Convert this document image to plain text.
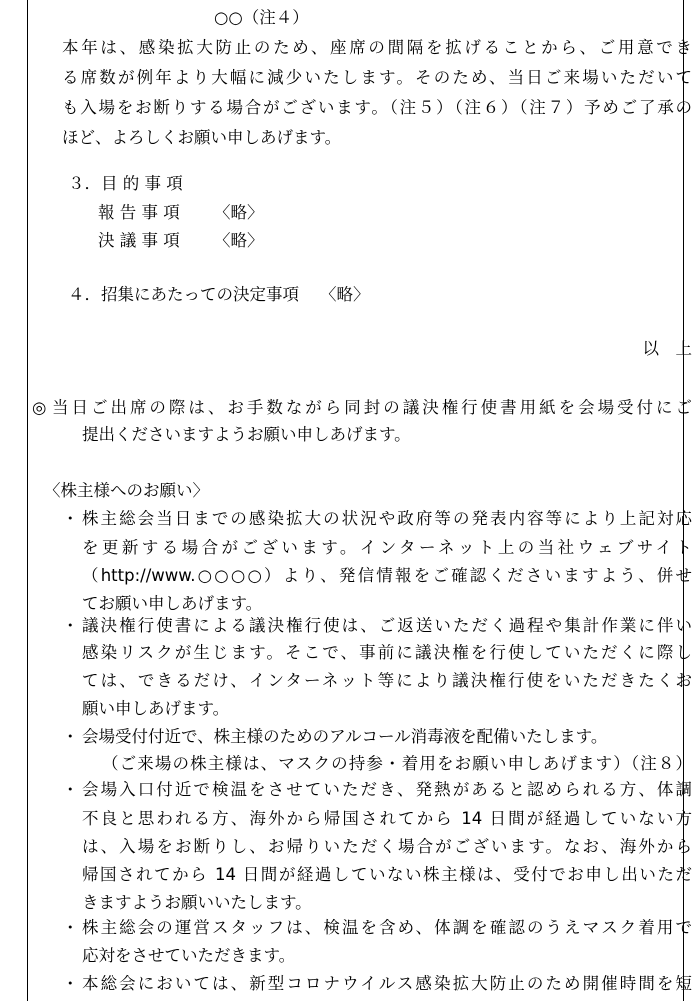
○○（注４）
本年は、感染拡大防止のため、座席の間隔を拡げることから、ご用意でき
る席数が例年より大幅に減少いたします。そのため、当日ご来場いただいて
も入場をお断りする場合がございます。（注５）（注６）（注７）予めご了承の
ほど、よろしくお願い申しあげます。
３．目 的 事 項
報 告 事 項	〈略〉
決 議 事 項	〈略〉
４．招集にあたっての決定事項	〈略〉
以　上
◎ 当日ご出席の際は、お手数ながら同封の議決権行使書用紙を会場受付にご
提出くださいますようお願い申しあげます。
〈株主様へのお願い〉
・ 株主総会当日までの感染拡大の状況や政府等の発表内容等により上記対応
を更新する場合がございます。インターネット上の当社ウェブサイト
（http://www.○○○○）より、発信情報をご確認くださいますよう、併せ
てお願い申しあげます。
・ 議決権行使書による議決権行使は、ご返送いただく過程や集計作業に伴い
感染リスクが生じます。そこで、事前に議決権を行使していただくに際し
ては、できるだけ、インターネット等により議決権行使をいただきたくお
願い申しあげます。
・ 会場受付付近で、株主様のためのアルコール消毒液を配備いたします。
（ご来場の株主様は、マスクの持参・着用をお願い申しあげます）（注８）
・ 会場入口付近で検温をさせていただき、発熱があると認められる方、体調
不良と思われる方、海外から帰国されてから 14 日間が経過していない方
は、入場をお断りし、お帰りいただく場合がございます。なお、海外から
帰国されてから 14 日間が経過していない株主様は、受付でお申し出いただ
きますようお願いいたします。
・ 株主総会の運営スタッフは、検温を含め、体調を確認のうえマスク着用で
応対をさせていただきます。
・ 本総会においては、新型コロナウイルス感染拡大防止のため開催時間を短
